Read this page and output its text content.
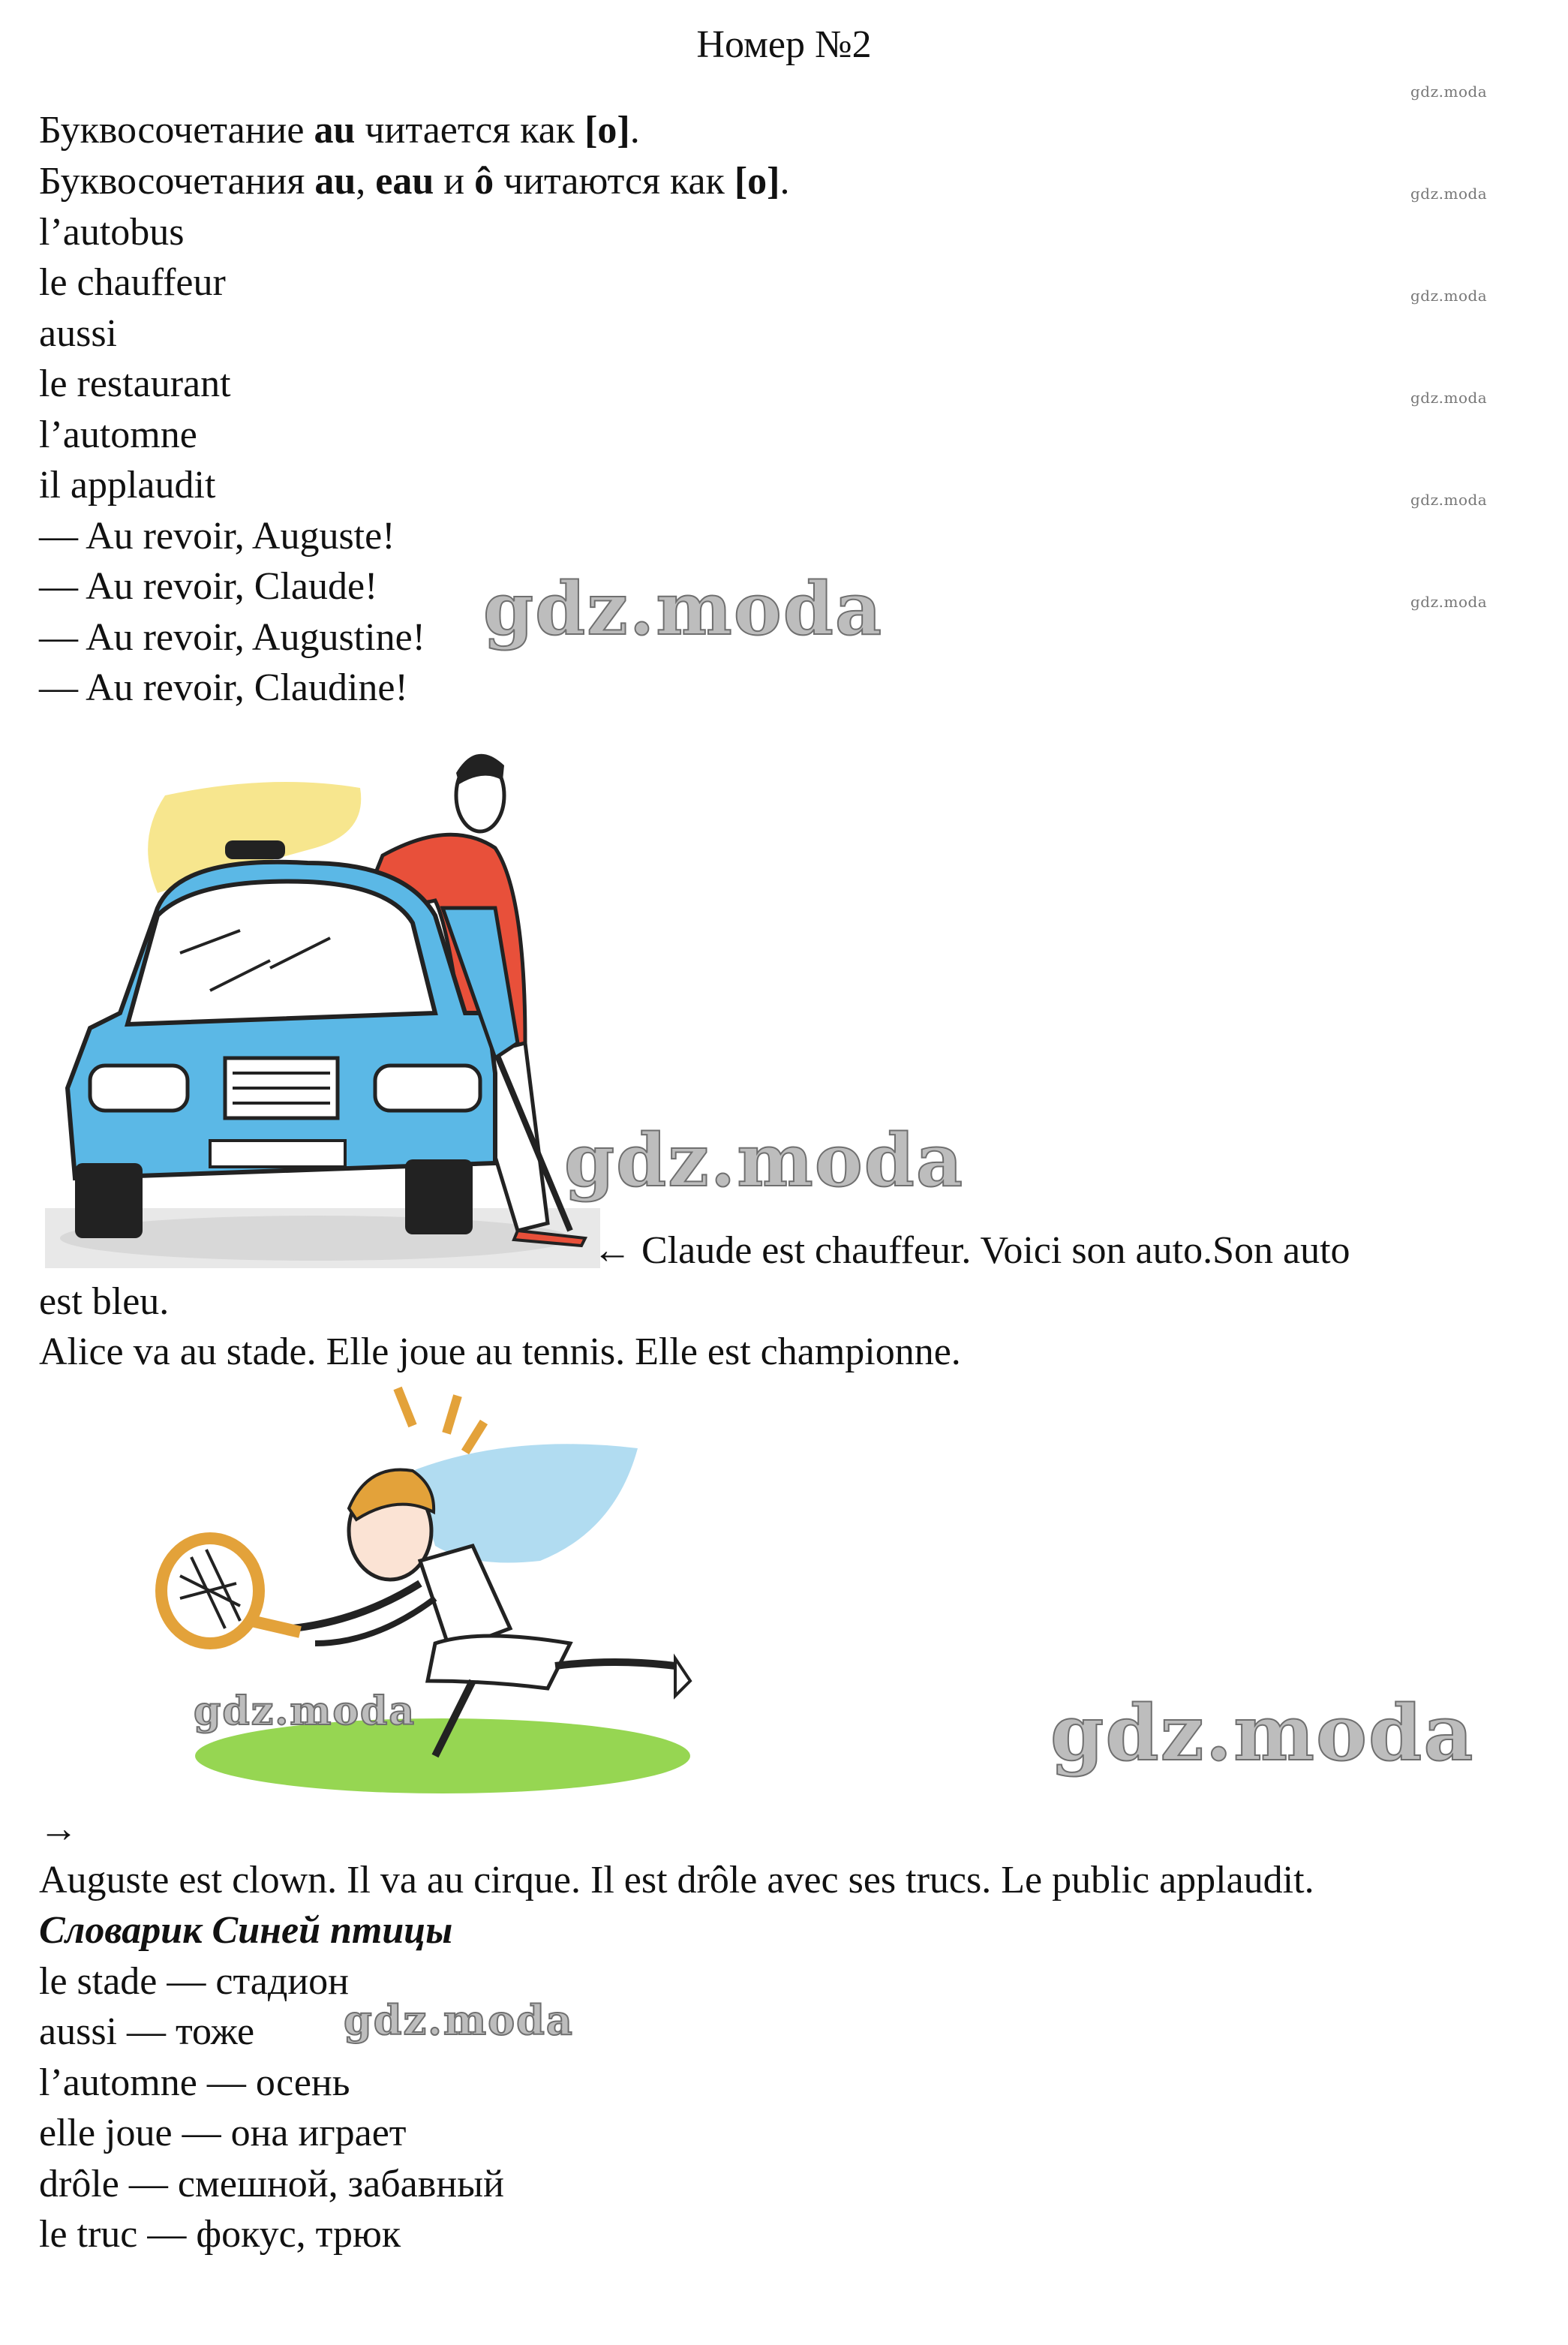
Номер №2
Буквосочетание au читается как [o].
Буквосочетания au, eau и ô читаются как [o].
l’autobus
le chauffeur
aussi
le restaurant
l’automne
il applaudit
— Au revoir, Auguste!
— Au revoir, Claude!
— Au revoir, Augustine!
— Au revoir, Claudine!
gdz.moda
gdz.moda
gdz.moda
gdz.moda
gdz.moda
gdz.moda
gdz.moda
gdz.moda
← Claude est chauffeur. Voici son auto.Son auto
est bleu.
Alice va au stade. Elle joue au tennis. Elle est championne.
gdz.moda	gdz.moda
→
Auguste est clown. Il va au cirque. Il est drôle avec ses trucs. Le public applaudit.
Словарик Синей птицы
le stade — стадион
aussi — тоже
l’automne — осень
elle joue — она играет
drôle — смешной, забавный
le truc — фокус, трюк
gdz.moda
